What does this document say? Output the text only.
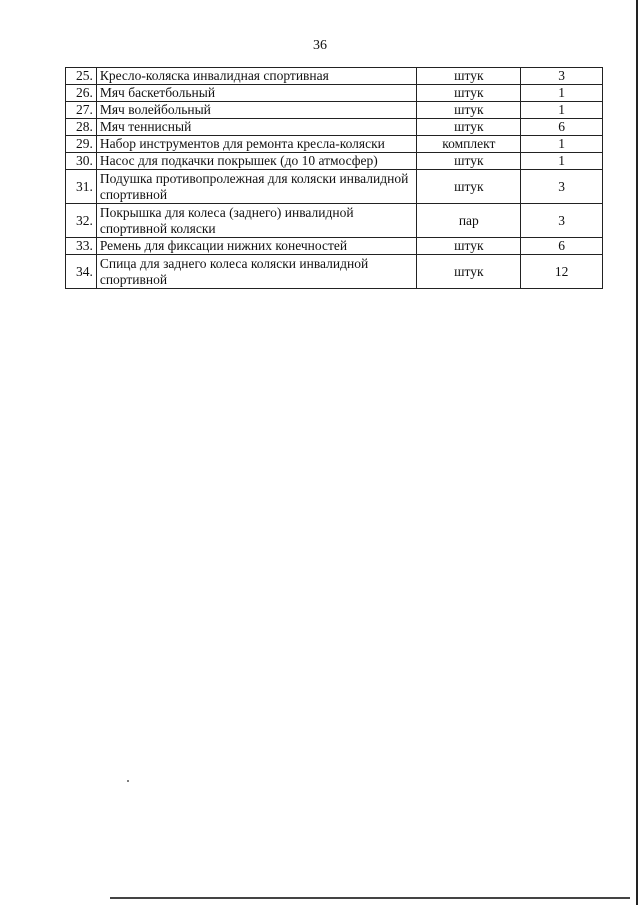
36
25.	Кресло-коляска инвалидная спортивная	штук	3
26.	Мяч баскетбольный	штук	1
27.	Мяч волейбольный	штук	1
28.	Мяч теннисный	штук	6
29.	Набор инструментов для ремонта кресла-коляски	комплект	1
30.	Насос для подкачки покрышек (до 10 атмосфер)	штук	1
31.	Подушка противопролежная для коляски инвалидной спортивной	штук	3
32.	Покрышка для колеса (заднего) инвалидной спортивной коляски	пар	3
33.	Ремень для фиксации нижних конечностей	штук	6
34.	Спица для заднего колеса коляски инвалидной спортивной	штук	12
